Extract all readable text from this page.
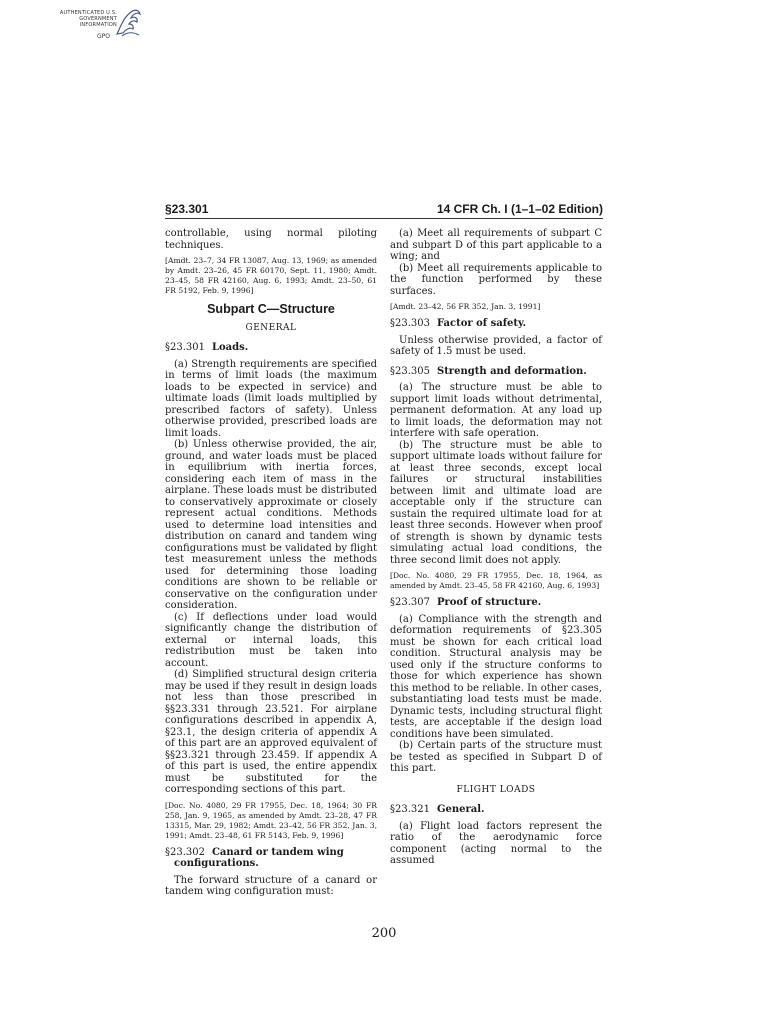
AUTHENTICATED U.S. GOVERNMENT INFORMATION
GPO
§23.301	14 CFR Ch. I (1–1–02 Edition)

controllable, using normal piloting techniques.

[Amdt. 23–7, 34 FR 13087, Aug. 13, 1969; as amended by Amdt. 23–26, 45 FR 60170, Sept. 11, 1980; Amdt. 23–45, 58 FR 42160, Aug. 6, 1993; Amdt. 23–50, 61 FR 5192, Feb. 9, 1996]

Subpart C—Structure
GENERAL
§23.301 Loads.

(a) Strength requirements are specified in terms of limit loads (the maximum loads to be expected in service) and ultimate loads (limit loads multiplied by prescribed factors of safety). Unless otherwise provided, prescribed loads are limit loads.

(b) Unless otherwise provided, the air, ground, and water loads must be placed in equilibrium with inertia forces, considering each item of mass in the airplane. These loads must be distributed to conservatively approximate or closely represent actual conditions. Methods used to determine load intensities and distribution on canard and tandem wing configurations must be validated by flight test measurement unless the methods used for determining those loading conditions are shown to be reliable or conservative on the configuration under consideration.

(c) If deflections under load would significantly change the distribution of external or internal loads, this redistribution must be taken into account.

(d) Simplified structural design criteria may be used if they result in design loads not less than those prescribed in §§23.331 through 23.521. For airplane configurations described in appendix A, §23.1, the design criteria of appendix A of this part are an approved equivalent of §§23.321 through 23.459. If appendix A of this part is used, the entire appendix must be substituted for the corresponding sections of this part.

[Doc. No. 4080, 29 FR 17955, Dec. 18, 1964; 30 FR 258, Jan. 9, 1965, as amended by Amdt. 23–28, 47 FR 13315, Mar. 29, 1982; Amdt. 23–42, 56 FR 352, Jan. 3, 1991; Amdt. 23–48, 61 FR 5143, Feb. 9, 1996]

§23.302 Canard or tandem wing configurations.

The forward structure of a canard or tandem wing configuration must:

(a) Meet all requirements of subpart C and subpart D of this part applicable to a wing; and

(b) Meet all requirements applicable to the function performed by these surfaces.

[Amdt. 23–42, 56 FR 352, Jan. 3, 1991]

§23.303 Factor of safety.

Unless otherwise provided, a factor of safety of 1.5 must be used.

§23.305 Strength and deformation.

(a) The structure must be able to support limit loads without detrimental, permanent deformation. At any load up to limit loads, the deformation may not interfere with safe operation.

(b) The structure must be able to support ultimate loads without failure for at least three seconds, except local failures or structural instabilities between limit and ultimate load are acceptable only if the structure can sustain the required ultimate load for at least three seconds. However when proof of strength is shown by dynamic tests simulating actual load conditions, the three second limit does not apply.

[Doc. No. 4080, 29 FR 17955, Dec. 18, 1964, as amended by Amdt. 23–45, 58 FR 42160, Aug. 6, 1993]

§23.307 Proof of structure.

(a) Compliance with the strength and deformation requirements of §23.305 must be shown for each critical load condition. Structural analysis may be used only if the structure conforms to those for which experience has shown this method to be reliable. In other cases, substantiating load tests must be made. Dynamic tests, including structural flight tests, are acceptable if the design load conditions have been simulated.

(b) Certain parts of the structure must be tested as specified in Subpart D of this part.

FLIGHT LOADS
§23.321 General.

(a) Flight load factors represent the ratio of the aerodynamic force component (acting normal to the assumed

200
